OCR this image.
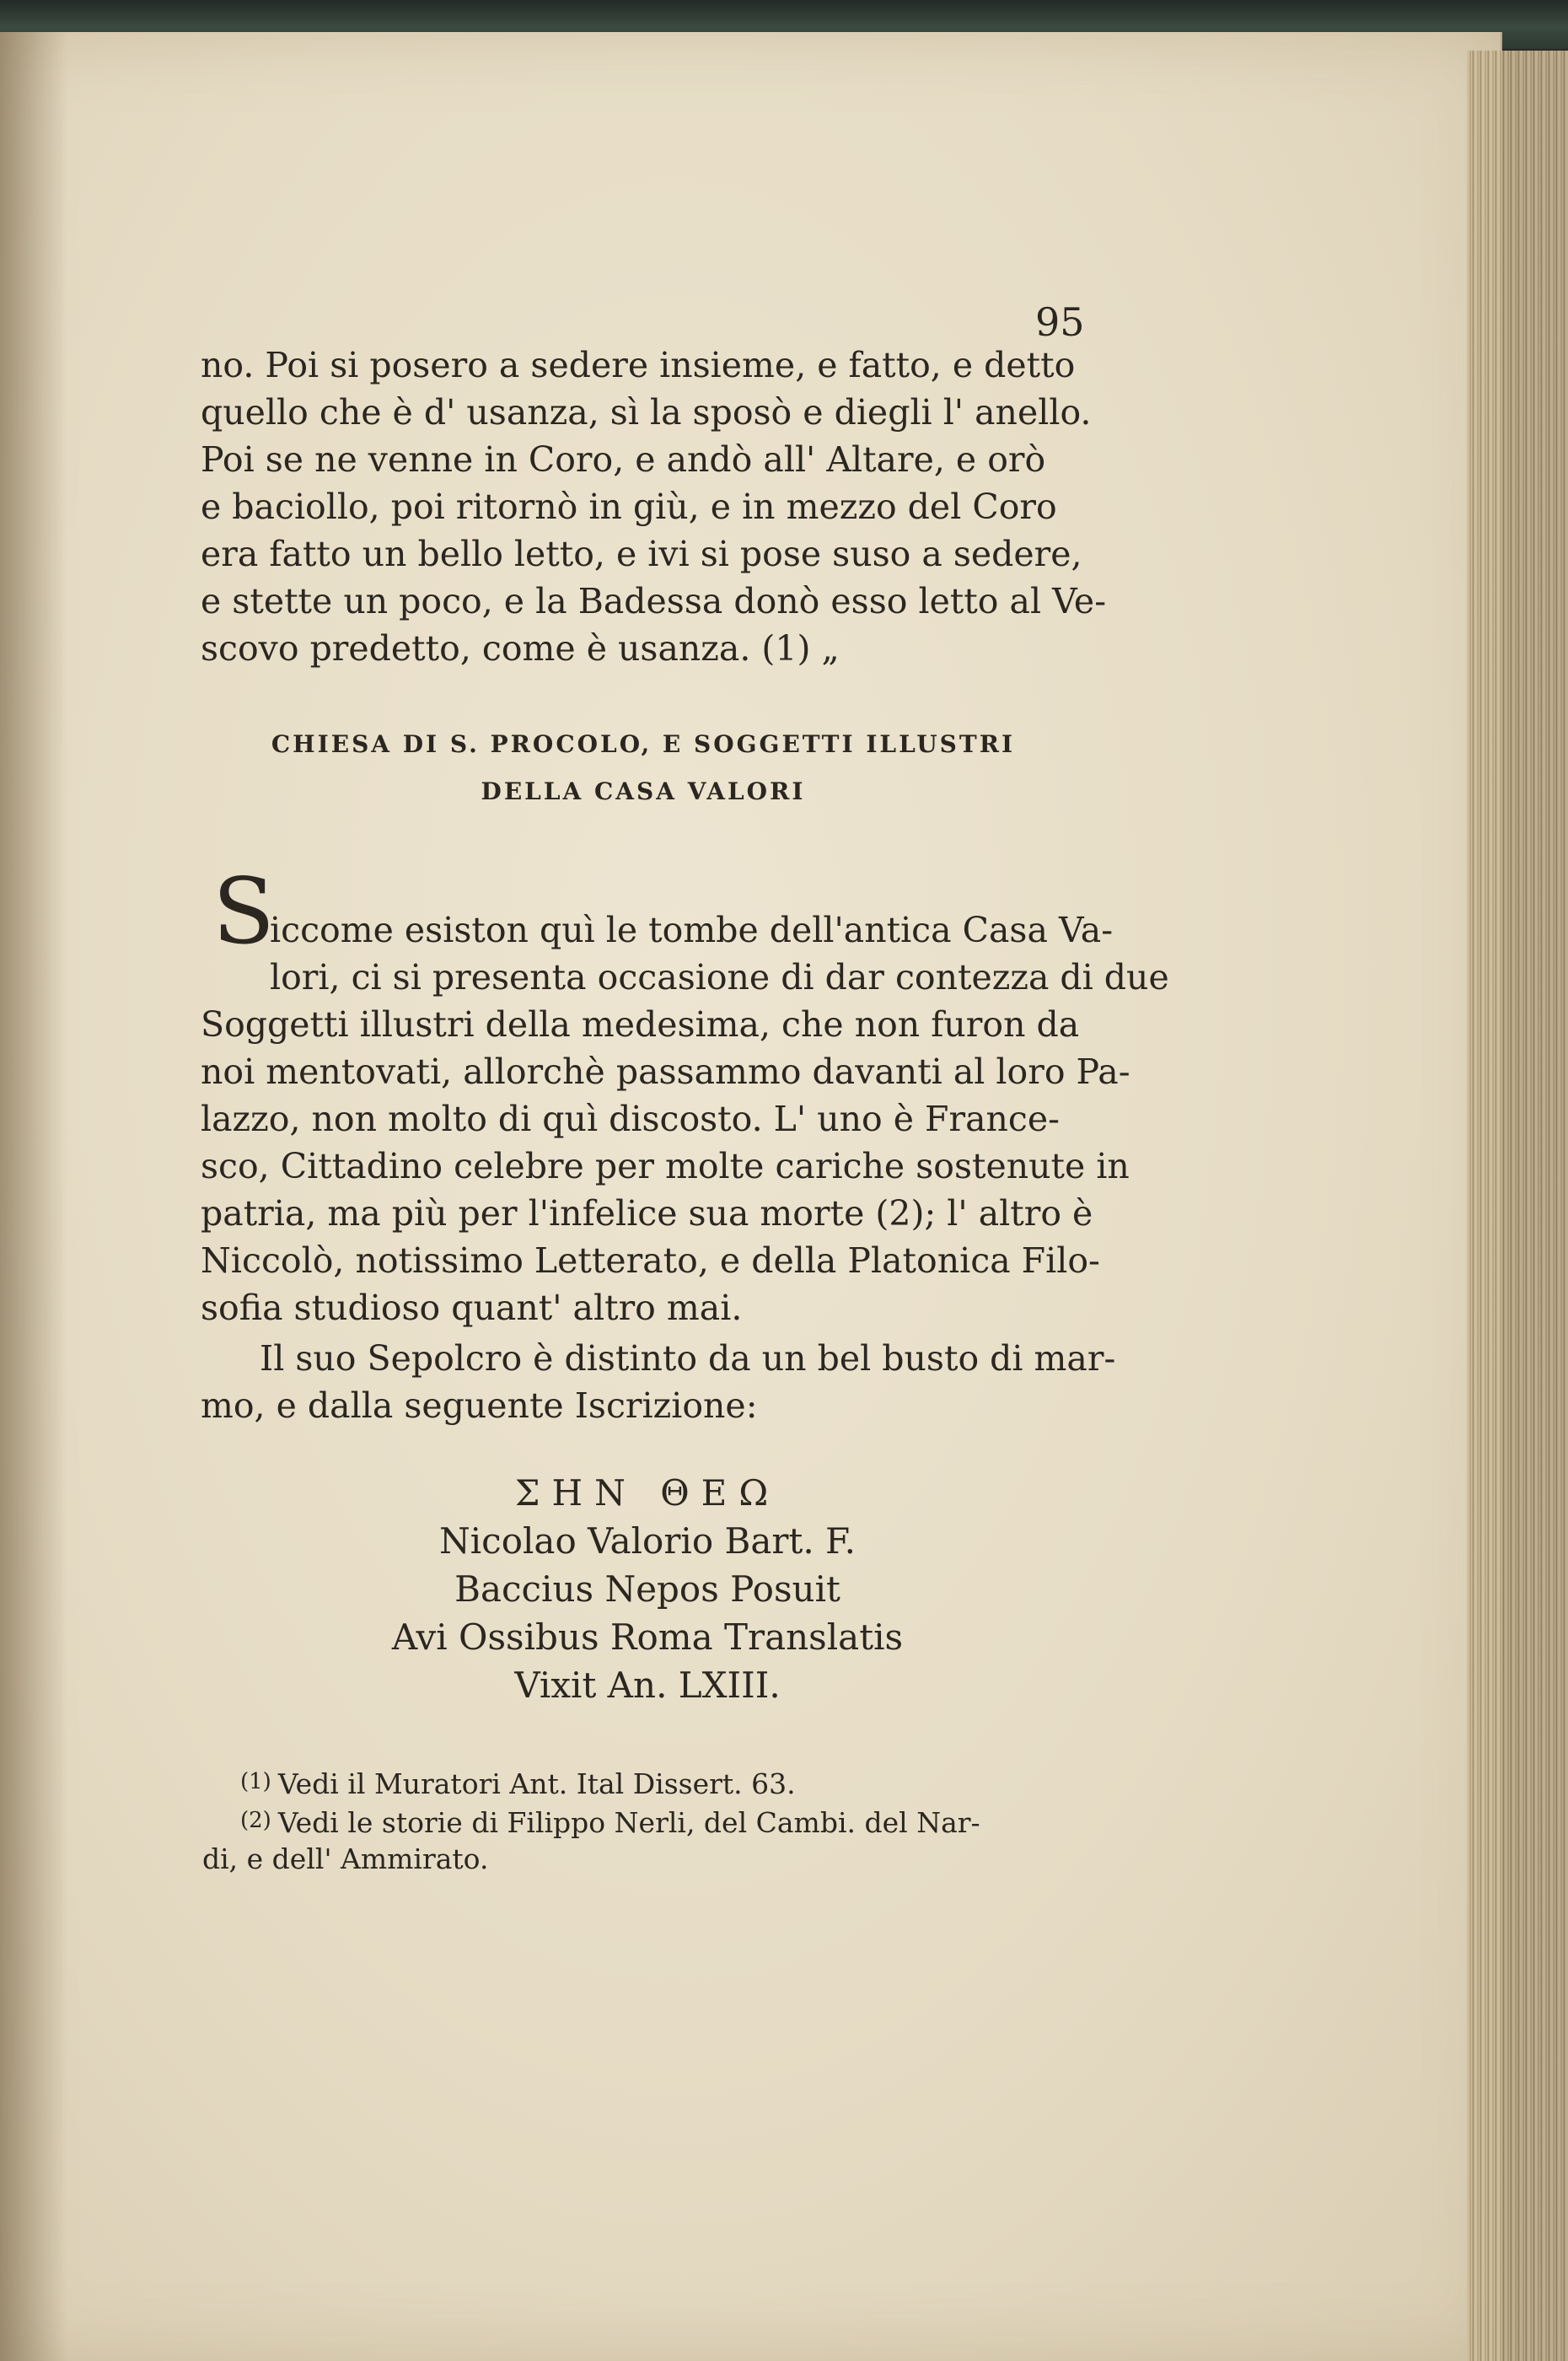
95
no. Poi si posero a sedere insieme, e fatto, e detto
quello che è d' usanza, sì la sposò e diegli l' anello.
Poi se ne venne in Coro, e andò all' Altare, e orò
e baciollo, poi ritornò in giù, e in mezzo del Coro
era fatto un bello letto, e ivi si pose suso a sedere,
e stette un poco, e la Badessa donò esso letto al Ve-
scovo predetto, come è usanza. (1) „
CHIESA DI S. PROCOLO, E SOGGETTI ILLUSTRI
DELLA CASA VALORI
S
iccome esiston quì le tombe dell'antica Casa Va-
lori, ci si presenta occasione di dar contezza di due
Soggetti illustri della medesima, che non furon da
noi mentovati, allorchè passammo davanti al loro Pa-
lazzo, non molto di quì discosto. L' uno è Francе-
sco, Cittadino celebre per molte cariche sostenute in
patria, ma più per l'infelice sua morte (2); l' altro è
Niccolò, notissimo Letterato, e della Platonica Filo-
sofia studioso quant' altro mai.
Il suo Sepolcro è distinto da un bel busto di mar-
mo, e dalla seguente Iscrizione:
ΣΗΝ ΘΕΩ
Nicolao Valorio Bart. F.
Baccius Nepos Posuit
Avi Ossibus Roma Translatis
Vixit An. LXIII.
(1) Vedi il Muratori Ant. Ital Dissert. 63.
(2) Vedi le storie di Filippo Nerli, del Cambi. del Nar-
di, e dell' Ammirato.
